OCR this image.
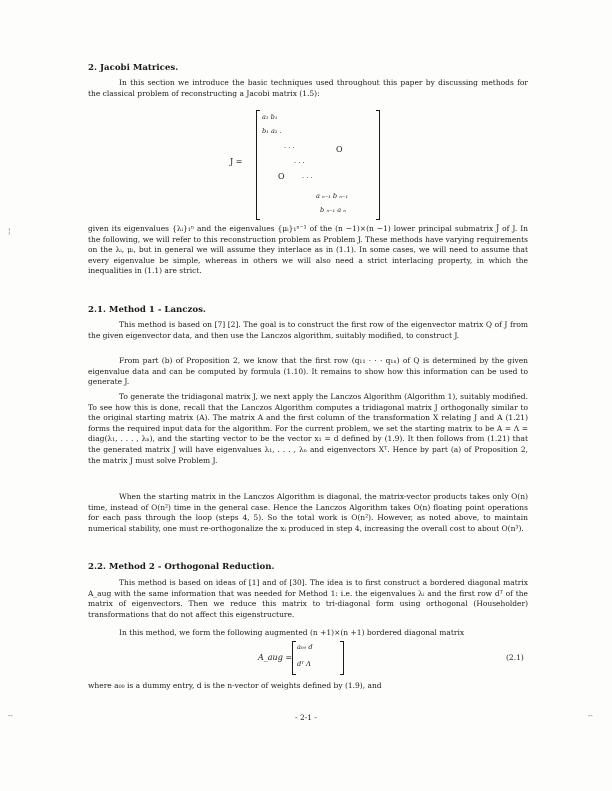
2. Jacobi Matrices.
In this section we introduce the basic techniques used throughout this paper by discussing methods for the classical problem of reconstructing a Jacobi matrix (1.5):
J =
a₁ b₁
b₁ a₂ .
. . .	O
. . .
O	. . .
a ₙ₋₁ b ₙ₋₁
b ₙ₋₁ a ₙ
given its eigenvalues {λᵢ}₁ⁿ and the eigenvalues {μᵢ}₁ⁿ⁻¹ of the (n −1)×(n −1) lower principal submatrix J̄ of J. In the following, we will refer to this reconstruction problem as Problem J. These methods have varying requirements on the λᵢ, μᵢ, but in general we will assume they interlace as in (1.1). In some cases, we will need to assume that every eigenvalue be simple, whereas in others we will also need a strict interlacing property, in which the inequalities in (1.1) are strict.
2.1. Method 1 - Lanczos.
This method is based on [7] [2]. The goal is to construct the first row of the eigenvector matrix Q of J from the given eigenvector data, and then use the Lanczos algorithm, suitably modified, to construct J.
From part (b) of Proposition 2, we know that the first row (q₁₁ · · · q₁ₙ) of Q is determined by the given eigenvalue data and can be computed by formula (1.10). It remains to show how this information can be used to generate J.
To generate the tridiagonal matrix J, we next apply the Lanczos Algorithm (Algorithm 1), suitably modified. To see how this is done, recall that the Lanczos Algorithm computes a tridiagonal matrix J orthogonally similar to the original starting matrix (A). The matrix A and the first column of the transformation X relating J and A (1.21) forms the required input data for the algorithm. For the current problem, we set the starting matrix to be A = Λ = diag(λ₁, . . . , λₙ), and the starting vector to be the vector x₁ = d defined by (1.9). It then follows from (1.21) that the generated matrix J will have eigenvalues λ₁, . . . , λₙ and eigenvectors Xᵀ. Hence by part (a) of Proposition 2, the matrix J must solve Problem J.
When the starting matrix in the Lanczos Algorithm is diagonal, the matrix-vector products takes only O(n) time, instead of O(n²) time in the general case. Hence the Lanczos Algorithm takes O(n) floating point operations for each pass through the loop (steps 4, 5). So the total work is O(n²). However, as noted above, to maintain numerical stability, one must re-orthogonalize the xᵢ produced in step 4, increasing the overall cost to about O(n³).
2.2. Method 2 - Orthogonal Reduction.
This method is based on ideas of [1] and of [30]. The idea is to first construct a bordered diagonal matrix A_aug with the same information that was needed for Method 1: i.e. the eigenvalues λᵢ and the first row dᵀ of the matrix of eigenvectors. Then we reduce this matrix to tri-diagonal form using orthogonal (Householder) transformations that do not affect this eigenstructure.
In this method, we form the following augmented (n +1)×(n +1) bordered diagonal matrix
A_aug =
a₀₀ d
dᵀ Λ
(2.1)
where a₀₀ is a dummy entry, d is the n-vector of weights defined by (1.9), and
- 2-1 -
--	--
¦
